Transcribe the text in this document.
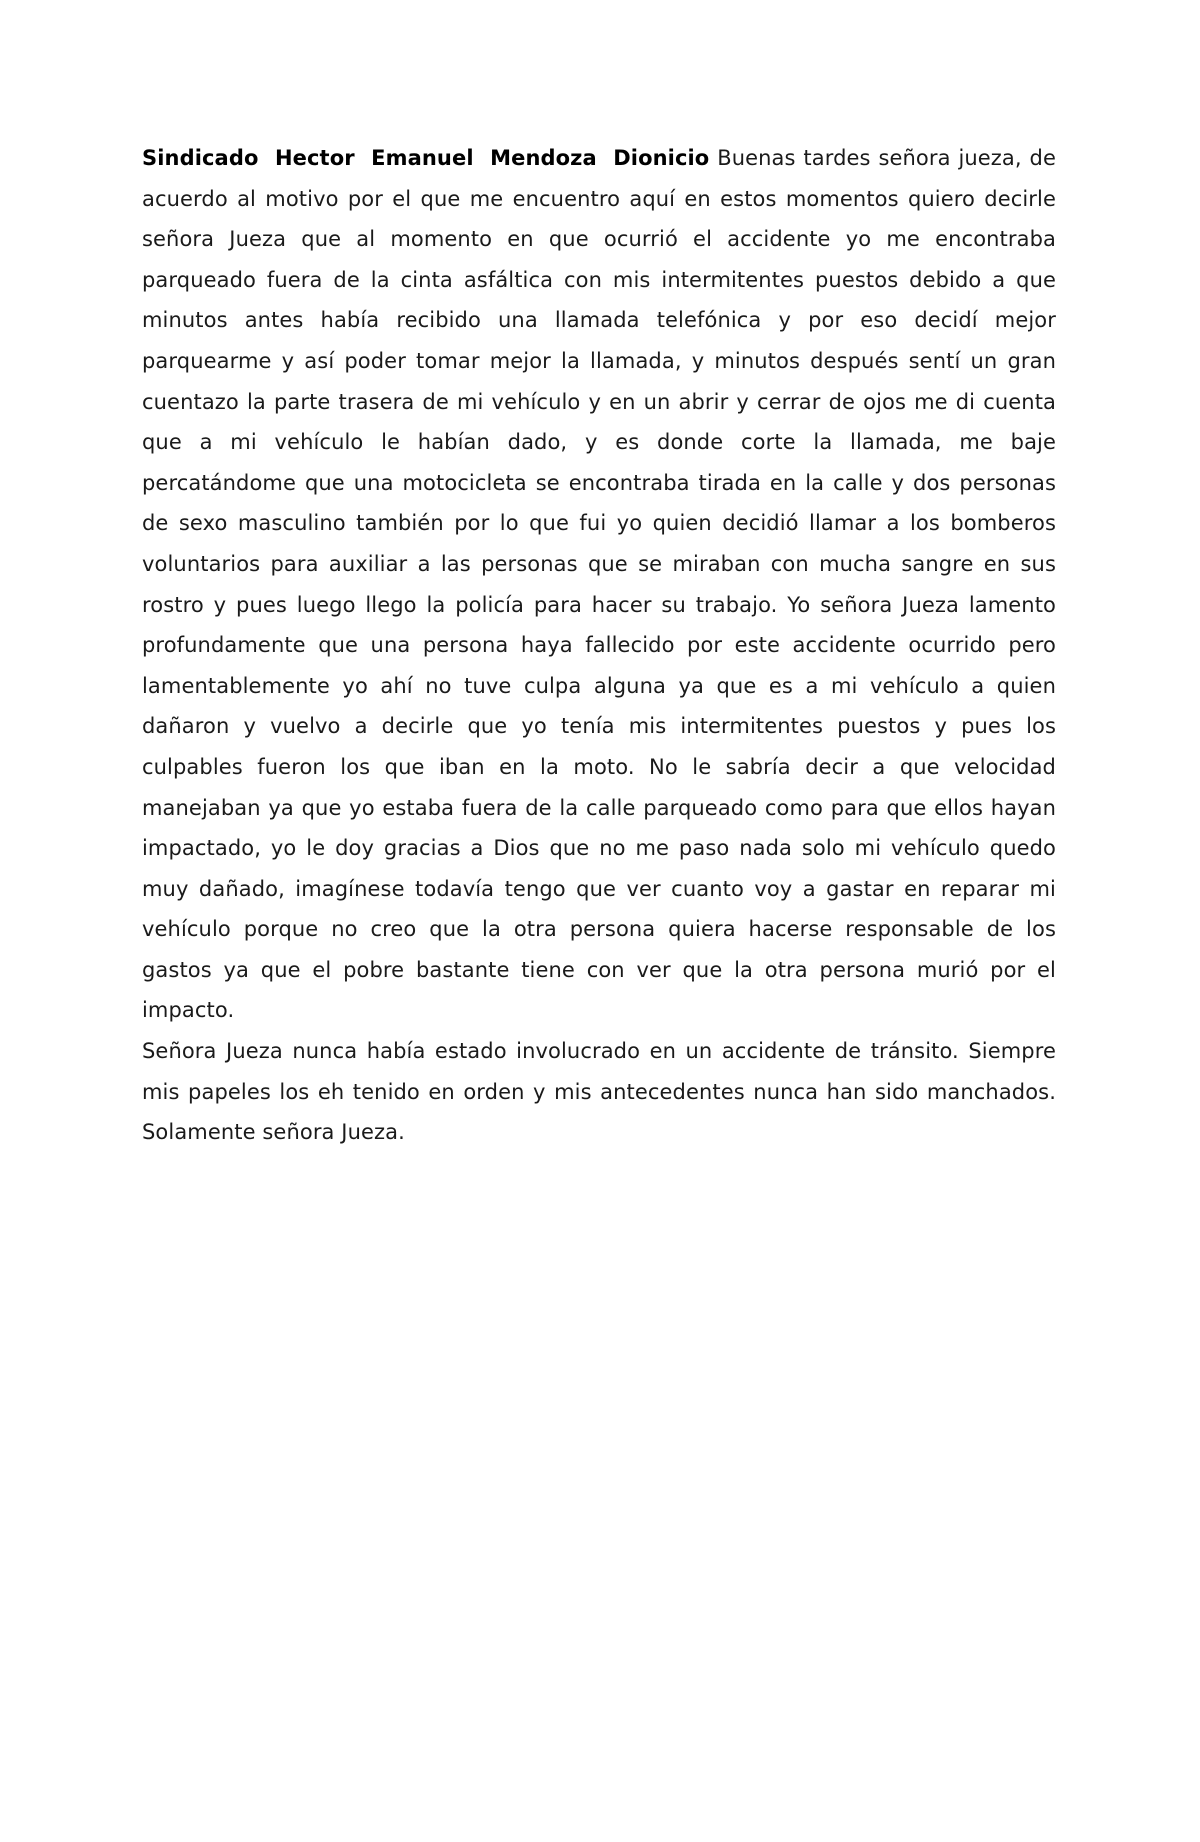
Sindicado Hector Emanuel Mendoza Dionicio Buenas tardes señora jueza, de acuerdo al motivo por el que me encuentro aquí en estos momentos quiero decirle señora Jueza que al momento en que ocurrió el accidente yo me encontraba parqueado fuera de la cinta asfáltica con mis intermitentes puestos debido a que minutos antes había recibido una llamada telefónica y por eso decidí mejor parquearme y así poder tomar mejor la llamada, y minutos después sentí un gran cuentazo la parte trasera de mi vehículo y en un abrir y cerrar de ojos me di cuenta que a mi vehículo le habían dado, y es donde corte la llamada, me baje percatándome que una motocicleta se encontraba tirada en la calle y dos personas de sexo masculino también por lo que fui yo quien decidió llamar a los bomberos voluntarios para auxiliar a las personas que se miraban con mucha sangre en sus rostro y pues luego llego la policía para hacer su trabajo. Yo señora Jueza lamento profundamente que una persona haya fallecido por este accidente ocurrido pero lamentablemente yo ahí no tuve culpa alguna ya que es a mi vehículo a quien dañaron y vuelvo a decirle que yo tenía mis intermitentes puestos y pues los culpables fueron los que iban en la moto. No le sabría decir a que velocidad manejaban ya que yo estaba fuera de la calle parqueado como para que ellos hayan impactado, yo le doy gracias a Dios que no me paso nada solo mi vehículo quedo muy dañado, imagínese todavía tengo que ver cuanto voy a gastar en reparar mi vehículo porque no creo que la otra persona quiera hacerse responsable de los gastos ya que el pobre bastante tiene con ver que la otra persona murió por el impacto.

Señora Jueza nunca había estado involucrado en un accidente de tránsito. Siempre mis papeles los eh tenido en orden y mis antecedentes nunca han sido manchados. Solamente señora Jueza.
